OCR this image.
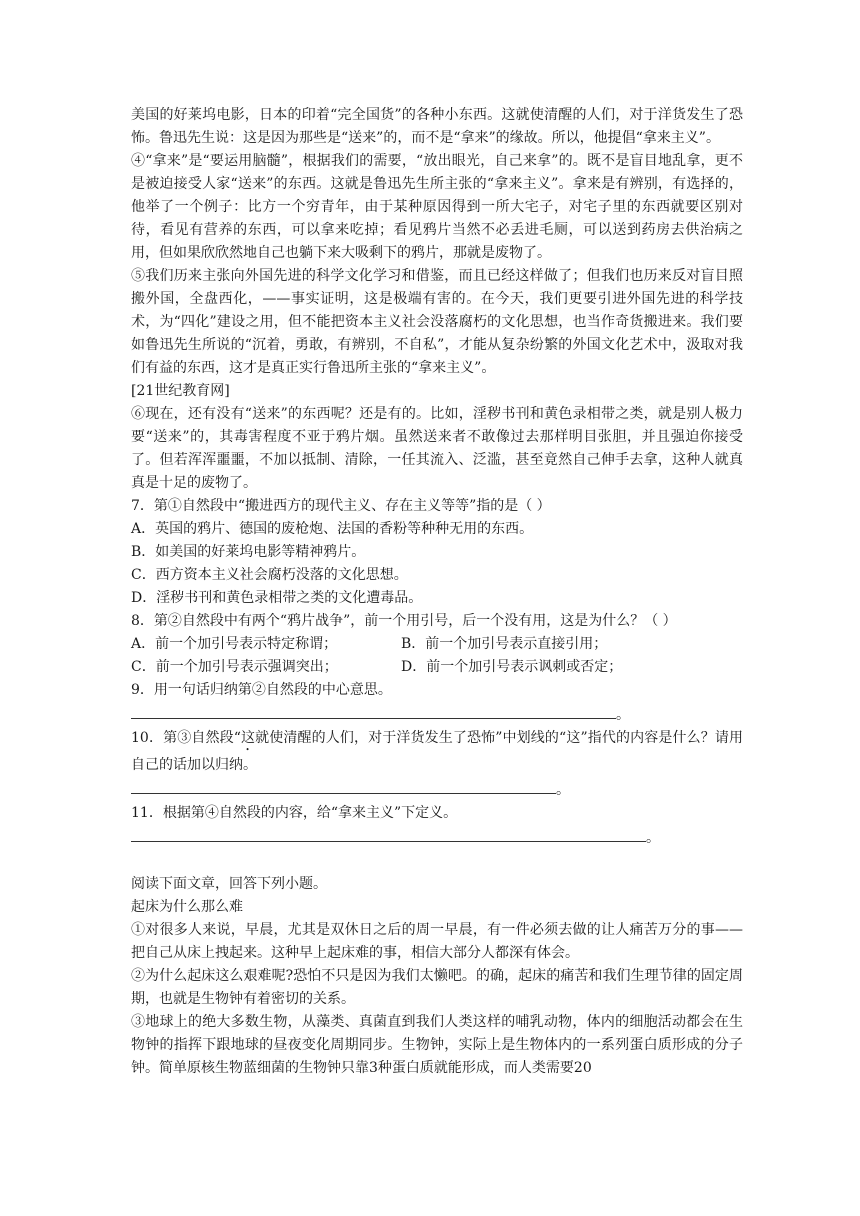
美国的好莱坞电影，日本的印着“完全国货”的各种小东西。这就使清醒的人们，对于洋货发生了恐怖。鲁迅先生说：这是因为那些是“送来”的，而不是“拿来”的缘故。所以，他提倡“拿来主义”。

④“拿来”是“要运用脑髓”，根据我们的需要，“放出眼光，自己来拿”的。既不是盲目地乱拿，更不是被迫接受人家“送来”的东西。这就是鲁迅先生所主张的“拿来主义”。拿来是有辨别，有选择的，他举了一个例子：比方一个穷青年，由于某种原因得到一所大宅子，对宅子里的东西就要区别对待，看见有营养的东西，可以拿来吃掉；看见鸦片当然不必丢进毛厕，可以送到药房去供治病之用，但如果欣欣然地自己也躺下来大吸剩下的鸦片，那就是废物了。

⑤我们历来主张向外国先进的科学文化学习和借鉴，而且已经这样做了；但我们也历来反对盲目照搬外国，全盘西化，——事实证明，这是极端有害的。在今天，我们更要引进外国先进的科学技术，为“四化”建设之用，但不能把资本主义社会没落腐朽的文化思想，也当作奇货搬进来。我们要如鲁迅先生所说的“沉着，勇敢，有辨别，不自私”，才能从复杂纷繁的外国文化艺术中，汲取对我们有益的东西，这才是真正实行鲁迅所主张的“拿来主义”。

[21世纪教育网]

⑥现在，还有没有“送来”的东西呢？还是有的。比如，淫秽书刊和黄色录相带之类，就是别人极力要“送来”的，其毒害程度不亚于鸦片烟。虽然送来者不敢像过去那样明目张胆，并且强迫你接受了。但若浑浑噩噩，不加以抵制、清除，一任其流入、泛滥，甚至竟然自己伸手去拿，这种人就真真是十足的废物了。

7．第①自然段中“搬进西方的现代主义、存在主义等等”指的是（ ）

A．英国的鸦片、德国的废枪炮、法国的香粉等种种无用的东西。

B．如美国的好莱坞电影等精神鸦片。

C．西方资本主义社会腐朽没落的文化思想。

D．淫秽书刊和黄色录相带之类的文化遭毒品。

8．第②自然段中有两个“鸦片战争”，前一个用引号，后一个没有用，这是为什么？（ ）

A．前一个加引号表示特定称谓；	B．前一个加引号表示直接引用；
C．前一个加引号表示强调突出；	D．前一个加引号表示讽刺或否定；

9．用一句话归纳第②自然段的中心意思。

。

10．第③自然段“这就使清醒的人们，对于洋货发生了恐怖”中划线的“这”指代的内容是什么？请用自己的话加以归纳。

。

11．根据第④自然段的内容，给“拿来主义”下定义。

。

阅读下面文章，回答下列小题。

起床为什么那么难

①对很多人来说，早晨，尤其是双休日之后的周一早晨，有一件必须去做的让人痛苦万分的事——把自己从床上拽起来。这种早上起床难的事，相信大部分人都深有体会。

②为什么起床这么艰难呢?恐怕不只是因为我们太懒吧。的确，起床的痛苦和我们生理节律的固定周期，也就是生物钟有着密切的关系。

③地球上的绝大多数生物，从藻类、真菌直到我们人类这样的哺乳动物，体内的细胞活动都会在生物钟的指挥下跟地球的昼夜变化周期同步。生物钟，实际上是生物体内的一系列蛋白质形成的分子钟。简单原核生物蓝细菌的生物钟只靠3种蛋白质就能形成，而人类需要20
